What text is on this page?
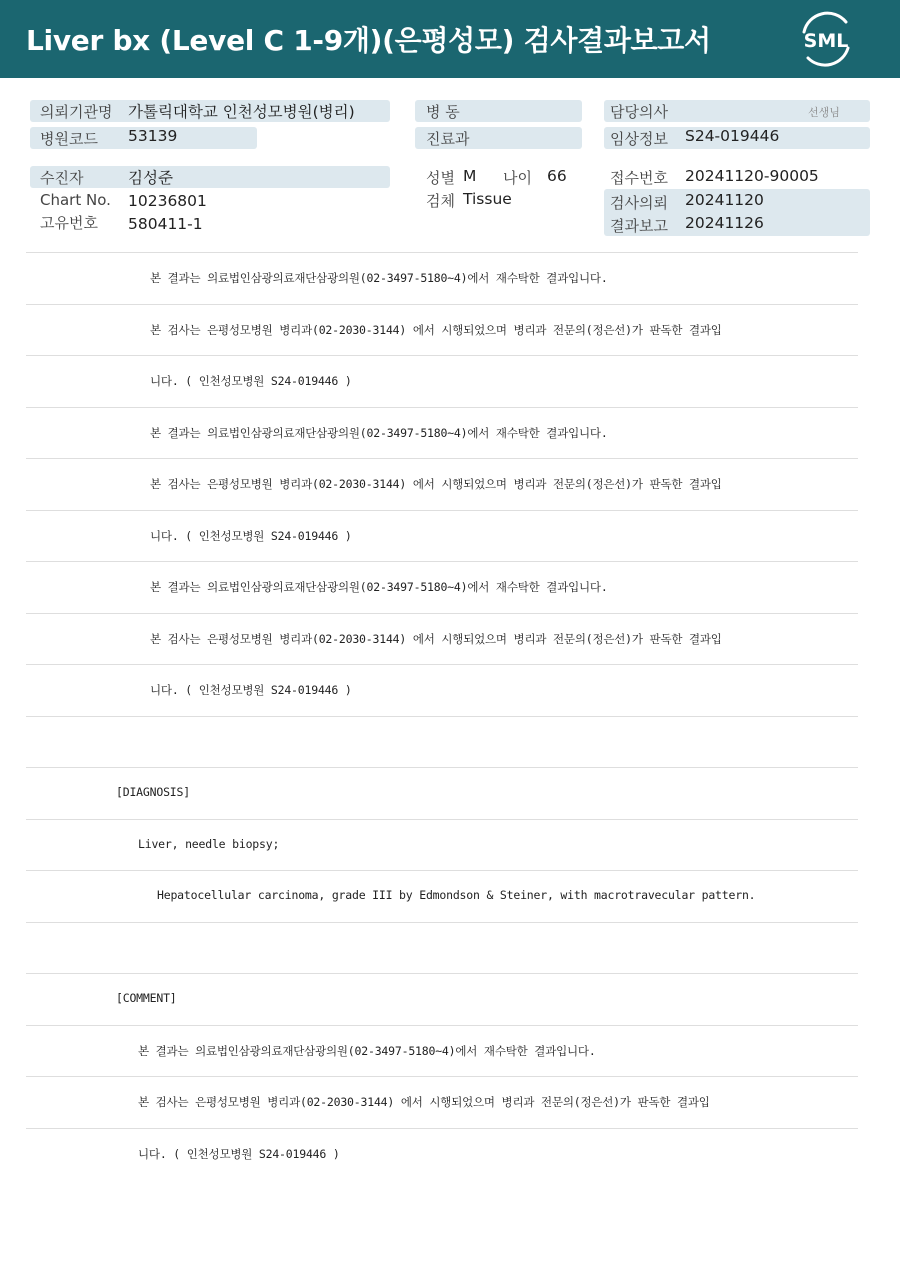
Liver bx (Level C 1-9개)(은평성모) 검사결과보고서	SML
의뢰기관명 가톨릭대학교 인천성모병원(병리)
병원코드 53139
수진자	김성준
Chart No. 10236801
고유번호 580411-1
병 동
진료과
성별 M 나이 66
검체 Tissue
담당의사	선생님
임상정보 S24-019446
접수번호 20241120-90005
검사의뢰 20241120
결과보고 20241126
본 결과는 의료법인삼광의료재단삼광의원(02-3497-5180~4)에서 재수탁한 결과입니다.
본 검사는 은평성모병원 병리과(02-2030-3144) 에서 시행되었으며 병리과 전문의(정은선)가 판독한 결과입
니다. ( 인천성모병원 S24-019446 )
본 결과는 의료법인삼광의료재단삼광의원(02-3497-5180~4)에서 재수탁한 결과입니다.
본 검사는 은평성모병원 병리과(02-2030-3144) 에서 시행되었으며 병리과 전문의(정은선)가 판독한 결과입
니다. ( 인천성모병원 S24-019446 )
본 결과는 의료법인삼광의료재단삼광의원(02-3497-5180~4)에서 재수탁한 결과입니다.
본 검사는 은평성모병원 병리과(02-2030-3144) 에서 시행되었으며 병리과 전문의(정은선)가 판독한 결과입
니다. ( 인천성모병원 S24-019446 )
[DIAGNOSIS]
Liver, needle biopsy;
Hepatocellular carcinoma, grade III by Edmondson & Steiner, with macrotravecular pattern.
[COMMENT]
본 결과는 의료법인삼광의료재단삼광의원(02-3497-5180~4)에서 재수탁한 결과입니다.
본 검사는 은평성모병원 병리과(02-2030-3144) 에서 시행되었으며 병리과 전문의(정은선)가 판독한 결과입
니다. ( 인천성모병원 S24-019446 )
